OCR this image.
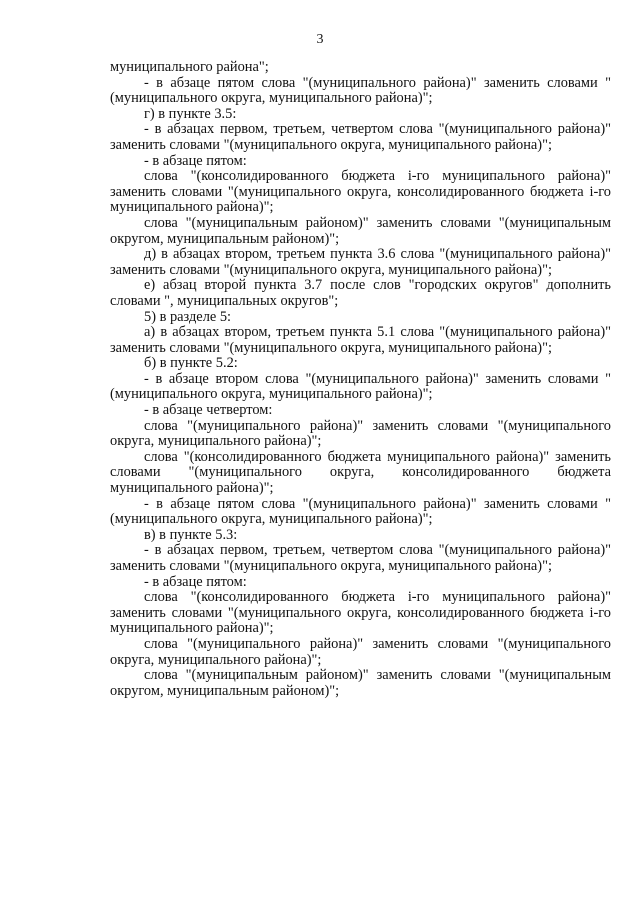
3

муниципального района";

- в абзаце пятом слова "(муниципального района)" заменить словами "(муниципального округа, муниципального района)";

г) в пункте 3.5:

- в абзацах первом, третьем, четвертом слова "(муниципального района)" заменить словами "(муниципального округа, муниципального района)";

- в абзаце пятом:

слова "(консолидированного бюджета i-го муниципального района)" заменить словами "(муниципального округа, консолидированного бюджета i-го муниципального района)";

слова "(муниципальным районом)" заменить словами "(муниципальным округом, муниципальным районом)";

д) в абзацах втором, третьем пункта 3.6 слова "(муниципального района)" заменить словами "(муниципального округа, муниципального района)";

е) абзац второй пункта 3.7 после слов "городских округов" дополнить словами ", муниципальных округов";

5) в разделе 5:

а) в абзацах втором, третьем пункта 5.1 слова "(муниципального района)" заменить словами "(муниципального округа, муниципального района)";

б) в пункте 5.2:

- в абзаце втором слова "(муниципального района)" заменить словами "(муниципального округа, муниципального района)";

- в абзаце четвертом:

слова "(муниципального района)" заменить словами "(муниципального округа, муниципального района)";

слова "(консолидированного бюджета муниципального района)" заменить словами "(муниципального округа, консолидированного бюджета муниципального района)";

- в абзаце пятом слова "(муниципального района)" заменить словами "(муниципального округа, муниципального района)";

в) в пункте 5.3:

- в абзацах первом, третьем, четвертом слова "(муниципального района)" заменить словами "(муниципального округа, муниципального района)";

- в абзаце пятом:

слова "(консолидированного бюджета i-го муниципального района)" заменить словами "(муниципального округа, консолидированного бюджета i-го муниципального района)";

слова "(муниципального района)" заменить словами "(муниципального округа, муниципального района)";

слова "(муниципальным районом)" заменить словами "(муниципальным округом, муниципальным районом)";
